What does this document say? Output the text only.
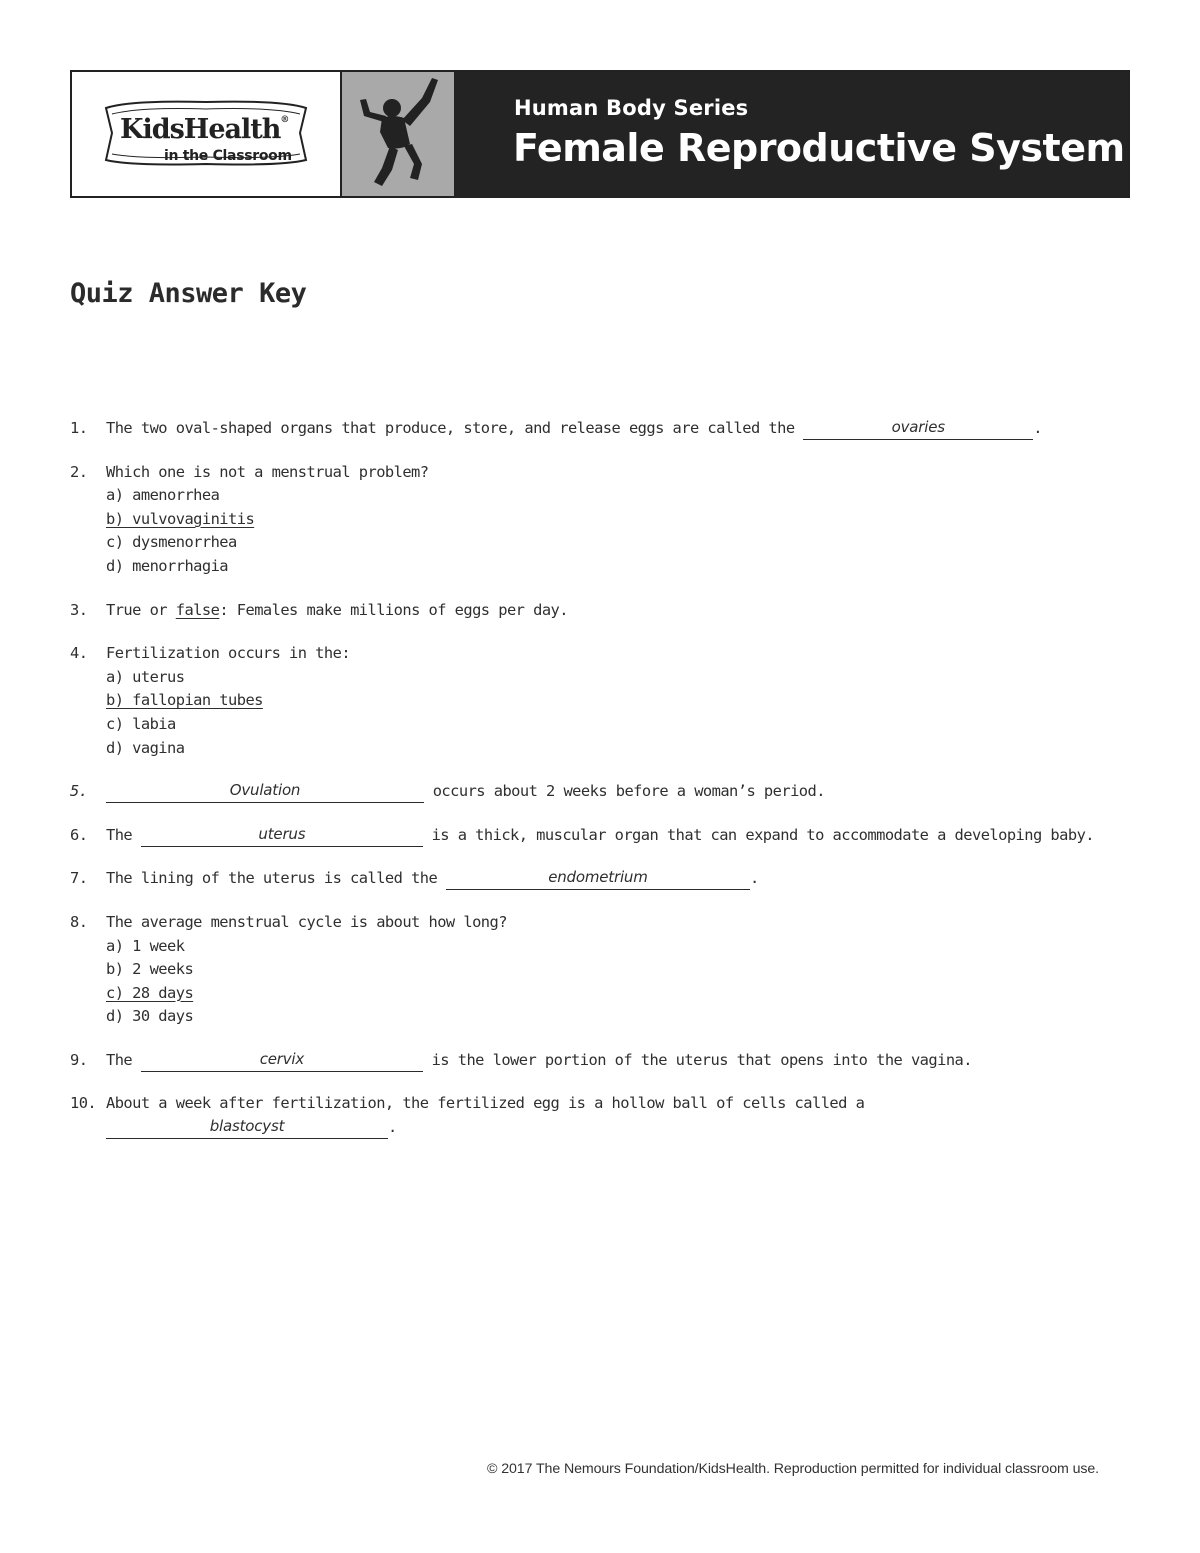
KidsHealth®
in the Classroom
Human Body Series
Female Reproductive System
Quiz Answer Key
1. The two oval-shaped organs that produce, store, and release eggs are called the	ovaries	.
2. Which one is not a menstrual problem?
a) amenorrhea
b) vulvovaginitis
c) dysmenorrhea
d) menorrhagia
3. True or false: Females make millions of eggs per day.
4. Fertilization occurs in the:
a) uterus
b) fallopian tubes
c) labia
d) vagina
5.	Ovulation	occurs about 2 weeks before a woman’s period.
6. The	uterus	is a thick, muscular organ that can expand to accommodate a developing baby.
7. The lining of the uterus is called the	endometrium	.
8. The average menstrual cycle is about how long?
a) 1 week
b) 2 weeks
c) 28 days
d) 30 days
9. The	cervix	is the lower portion of the uterus that opens into the vagina.
10. About a week after fertilization, the fertilized egg is a hollow ball of cells called a blastocyst	.
© 2017 The Nemours Foundation/KidsHealth. Reproduction permitted for individual classroom use.
